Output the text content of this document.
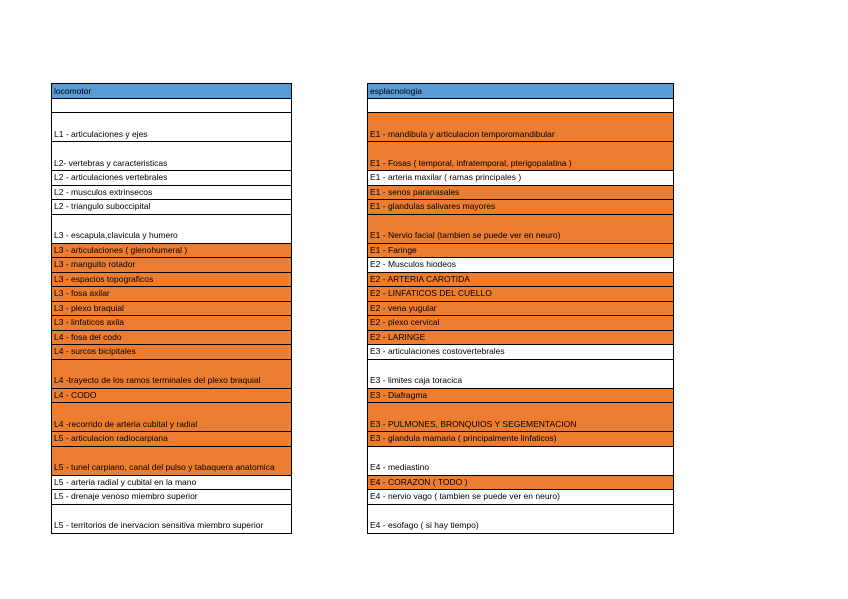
locomotor

L1 - articulaciones y ejes
L2- vertebras y caracteristicas
L2 - articulaciones vertebrales
L2 - musculos extrinsecos
L2 - triangulo suboccipital
L3 - escapula,clavicula y humero
L3 - articulaciones ( glenohumeral )
L3 - manguito rotador
L3 - espacios topograficos
L3 - fosa axilar
L3 - plexo braquial
L3 - linfaticos axila
L4 - fosa del codo
L4 - surcos bicipitales
L4 -trayecto de los ramos terminales del plexo braquial
L4 - CODO
L4 -recorrido de arteria cubital y radial
L5 - articulacion radiocarpiana
L5 - tunel carpiano, canal del pulso y tabaquera anatomica
L5 - arteria radial y cubital en la mano
L5 - drenaje venoso miembro superior
L5 - territorios de inervacion sensitiva miembro superior
esplacnologia

E1 - mandibula y articulacion temporomandibular
E1 - Fosas ( temporal, infratemporal, pterigopalatina )
E1 - arteria maxilar ( ramas principales )
E1 - senos paranasales
E1 - glandulas salivares mayores
E1 - Nervio facial (tambien se puede ver en neuro)
E1 - Faringe
E2 - Musculos hiodeos
E2 - ARTERIA CAROTIDA
E2 - LINFATICOS DEL CUELLO
E2 - vena yugular
E2 - plexo cervical
E2 - LARINGE
E3 - articulaciones costovertebrales
E3 - limites caja toracica
E3 - Diafragma
E3 - PULMONES, BRONQUIOS Y SEGEMENTACION
E3 - glandula mamaria ( principalmente linfaticos)
E4 - mediastino
E4 - CORAZON ( TODO )
E4 - nervio vago ( tambien se puede ver en neuro)
E4 - esofago ( si hay tiempo)
